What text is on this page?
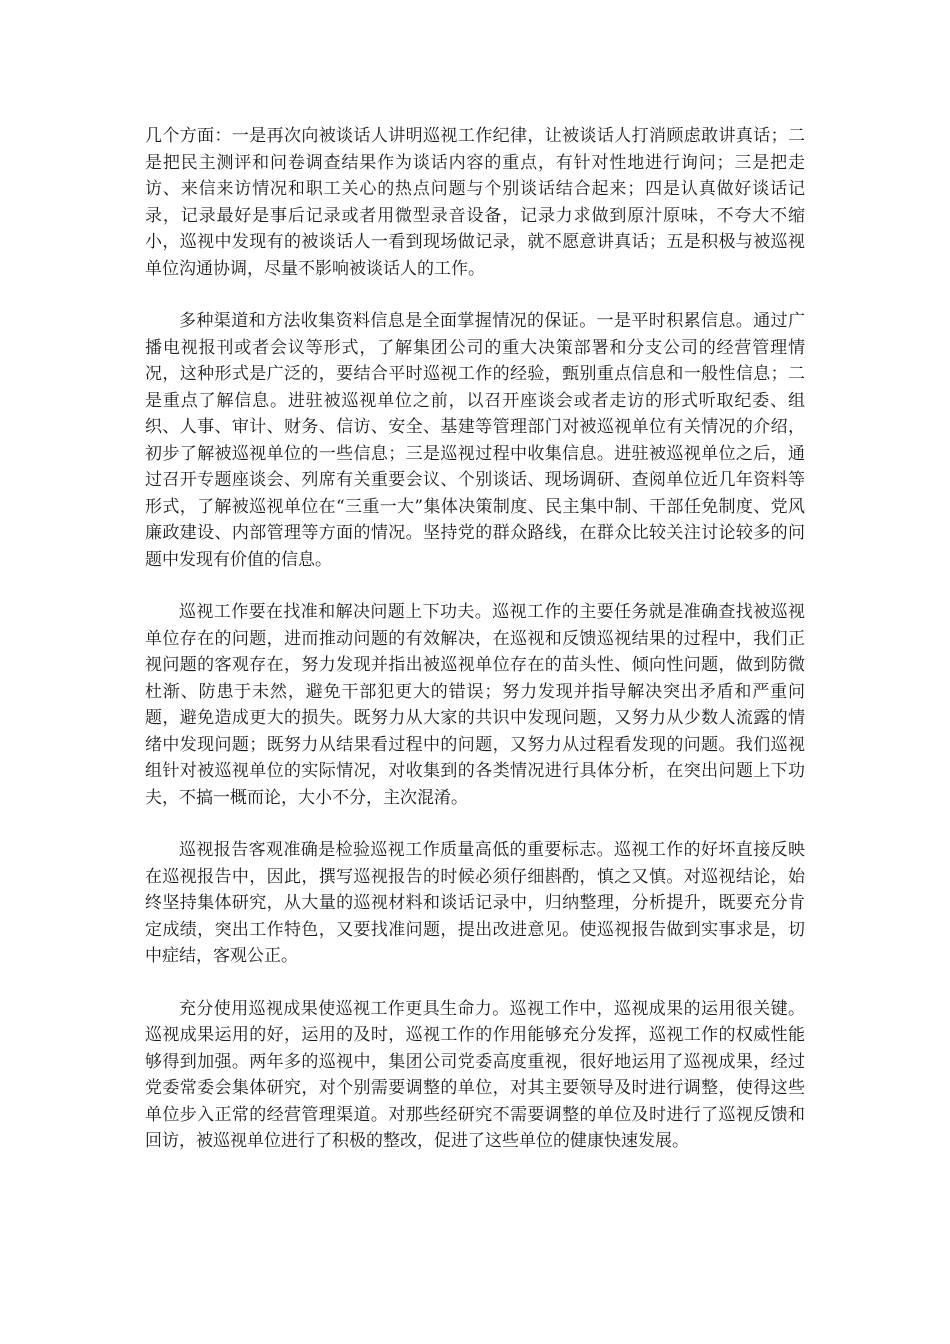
几个方面：一是再次向被谈话人讲明巡视工作纪律，让被谈话人打消顾虑敢讲真话；二是把民主测评和问卷调查结果作为谈话内容的重点，有针对性地进行询问；三是把走访、来信来访情况和职工关心的热点问题与个别谈话结合起来；四是认真做好谈话记录，记录最好是事后记录或者用微型录音设备，记录力求做到原汁原味，不夸大不缩小，巡视中发现有的被谈话人一看到现场做记录，就不愿意讲真话；五是积极与被巡视单位沟通协调，尽量不影响被谈话人的工作。

多种渠道和方法收集资料信息是全面掌握情况的保证。一是平时积累信息。通过广播电视报刊或者会议等形式，了解集团公司的重大决策部署和分支公司的经营管理情况，这种形式是广泛的，要结合平时巡视工作的经验，甄别重点信息和一般性信息；二是重点了解信息。进驻被巡视单位之前，以召开座谈会或者走访的形式听取纪委、组织、人事、审计、财务、信访、安全、基建等管理部门对被巡视单位有关情况的介绍，初步了解被巡视单位的一些信息；三是巡视过程中收集信息。进驻被巡视单位之后，通过召开专题座谈会、列席有关重要会议、个别谈话、现场调研、查阅单位近几年资料等形式，了解被巡视单位在“三重一大”集体决策制度、民主集中制、干部任免制度、党风廉政建设、内部管理等方面的情况。坚持党的群众路线，在群众比较关注讨论较多的问题中发现有价值的信息。

巡视工作要在找准和解决问题上下功夫。巡视工作的主要任务就是准确查找被巡视单位存在的问题，进而推动问题的有效解决，在巡视和反馈巡视结果的过程中，我们正视问题的客观存在，努力发现并指出被巡视单位存在的苗头性、倾向性问题，做到防微杜渐、防患于未然，避免干部犯更大的错误；努力发现并指导解决突出矛盾和严重问题，避免造成更大的损失。既努力从大家的共识中发现问题，又努力从少数人流露的情绪中发现问题；既努力从结果看过程中的问题，又努力从过程看发现的问题。我们巡视组针对被巡视单位的实际情况，对收集到的各类情况进行具体分析，在突出问题上下功夫，不搞一概而论，大小不分，主次混淆。

巡视报告客观准确是检验巡视工作质量高低的重要标志。巡视工作的好坏直接反映在巡视报告中，因此，撰写巡视报告的时候必须仔细斟酌，慎之又慎。对巡视结论，始终坚持集体研究，从大量的巡视材料和谈话记录中，归纳整理，分析提升，既要充分肯定成绩，突出工作特色，又要找准问题，提出改进意见。使巡视报告做到实事求是，切中症结，客观公正。

充分使用巡视成果使巡视工作更具生命力。巡视工作中，巡视成果的运用很关键。巡视成果运用的好，运用的及时，巡视工作的作用能够充分发挥，巡视工作的权威性能够得到加强。两年多的巡视中，集团公司党委高度重视，很好地运用了巡视成果，经过党委常委会集体研究，对个别需要调整的单位，对其主要领导及时进行调整，使得这些单位步入正常的经营管理渠道。对那些经研究不需要调整的单位及时进行了巡视反馈和回访，被巡视单位进行了积极的整改，促进了这些单位的健康快速发展。
